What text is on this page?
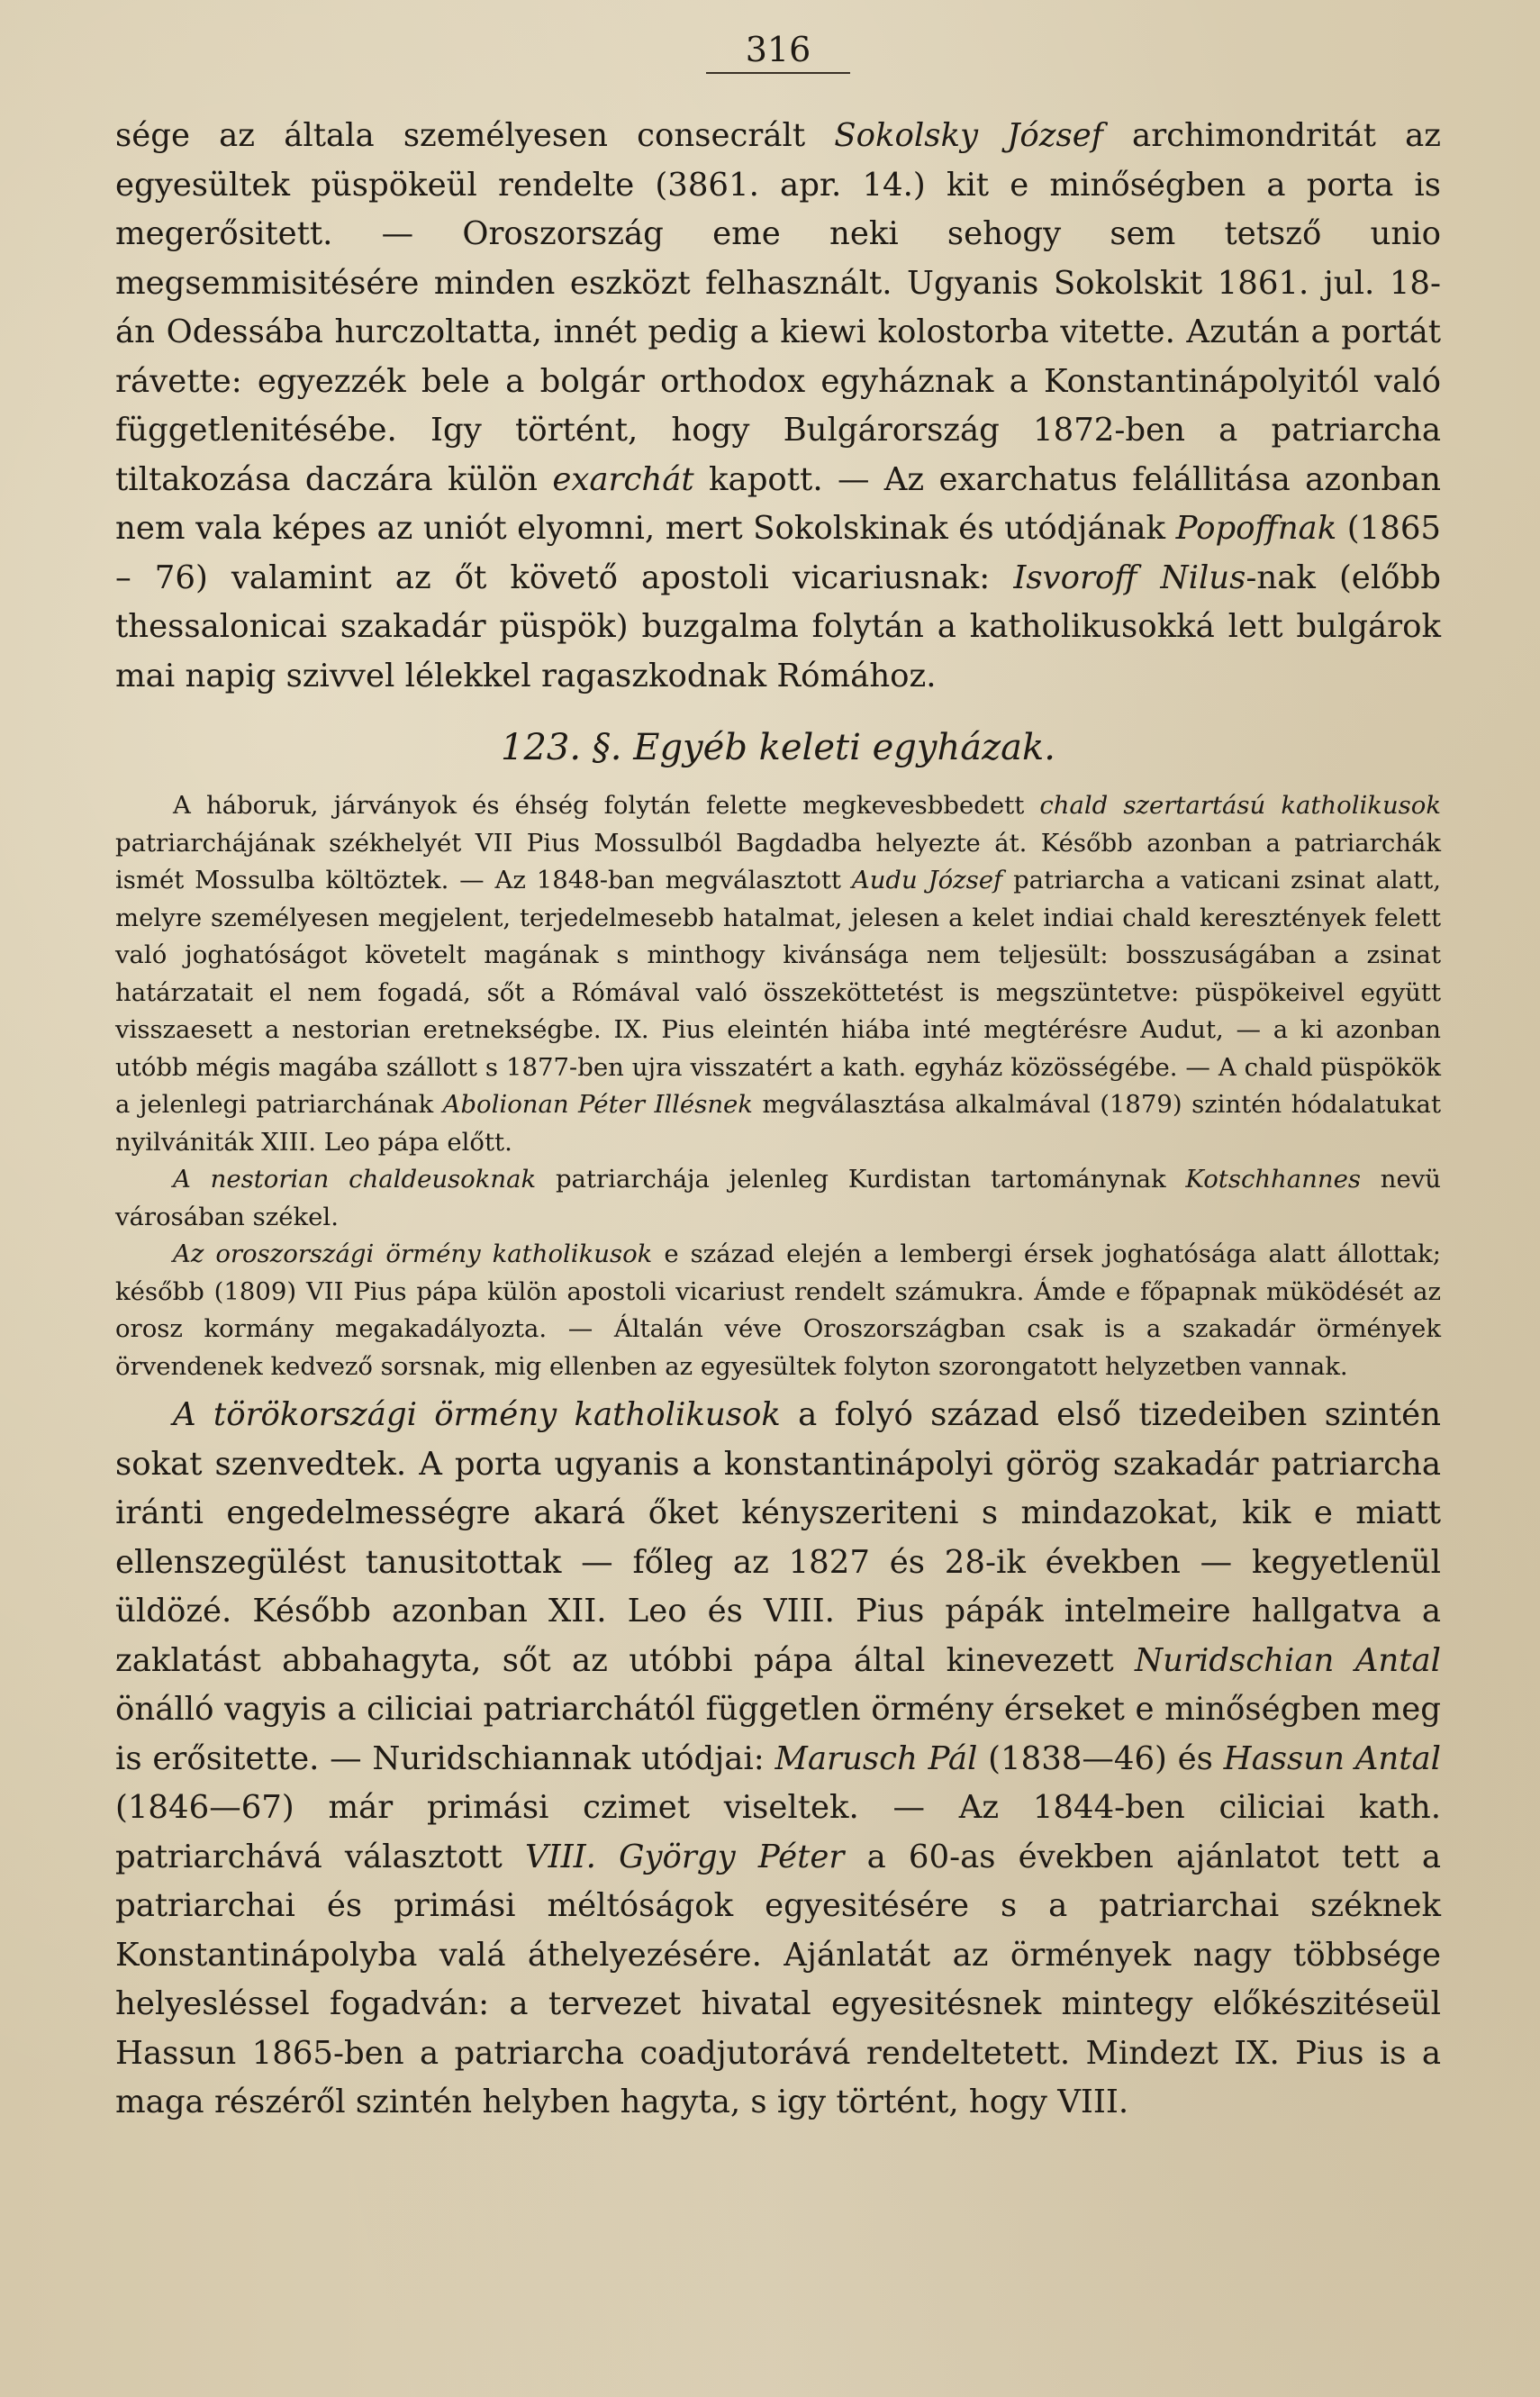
316

sége az általa személyesen consecrált Sokolsky József archimondritát az egyesültek püspökeül rendelte (3861. apr. 14.) kit e minőségben a porta is megerősitett. — Oroszország eme neki sehogy sem tetsző unio megsemmisitésére minden eszközt felhasznált. Ugyanis Sokolskit 1861. jul. 18-án Odessába hurczoltatta, innét pedig a kiewi kolostorba vitette. Azután a portát rávette: egyezzék bele a bolgár orthodox egyháznak a Konstantinápolyitól való függetlenitésébe. Igy történt, hogy Bulgárország 1872-ben a patriarcha tiltakozása daczára külön exarchát kapott. — Az exarchatus felállitása azonban nem vala képes az uniót elyomni, mert Sokolskinak és utódjának Popoffnak (1865 – 76) valamint az őt követő apostoli vicariusnak: Isvoroff Nilus-nak (előbb thessalonicai szakadár püspök) buzgalma folytán a katholikusokká lett bulgárok mai napig szivvel lélekkel ragaszkodnak Rómához.

123. §. Egyéb keleti egyházak.

A háboruk, járványok és éhség folytán felette megkevesbbedett chald szertartású katholikusok patriarchájának székhelyét VII Pius Mossulból Bagdadba helyezte át. Később azonban a patriarchák ismét Mossulba költöztek. — Az 1848-ban megválasztott Audu József patriarcha a vaticani zsinat alatt, melyre személyesen megjelent, terjedelmesebb hatalmat, jelesen a kelet indiai chald keresztények felett való joghatóságot követelt magának s minthogy kivánsága nem teljesült: bosszuságában a zsinat határzatait el nem fogadá, sőt a Rómával való összeköttetést is megszüntetve: püspökeivel együtt visszaesett a nestorian eretnekségbe. IX. Pius eleintén hiába inté megtérésre Audut, — a ki azonban utóbb mégis magába szállott s 1877-ben ujra visszatért a kath. egyház közösségébe. — A chald püspökök a jelenlegi patriarchának Abolionan Péter Illésnek megválasztása alkalmával (1879) szintén hódalatukat nyilvániták XIII. Leo pápa előtt.

A nestorian chaldeusoknak patriarchája jelenleg Kurdistan tartománynak Kotschhannes nevü városában székel.

Az oroszországi örmény katholikusok e század elején a lembergi érsek joghatósága alatt állottak; később (1809) VII Pius pápa külön apostoli vicariust rendelt számukra. Ámde e főpapnak müködését az orosz kormány megakadályozta. — Általán véve Oroszországban csak is a szakadár örmények örvendenek kedvező sorsnak, mig ellenben az egyesültek folyton szorongatott helyzetben vannak.

A törökországi örmény katholikusok a folyó század első tizedeiben szintén sokat szenvedtek. A porta ugyanis a konstantinápolyi görög szakadár patriarcha iránti engedelmességre akará őket kényszeriteni s mindazokat, kik e miatt ellenszegülést tanusitottak — főleg az 1827 és 28-ik években — kegyetlenül üldözé. Később azonban XII. Leo és VIII. Pius pápák intelmeire hallgatva a zaklatást abbahagyta, sőt az utóbbi pápa által kinevezett Nuridschian Antal önálló vagyis a ciliciai patriarchától független örmény érseket e minőségben meg is erősitette. — Nuridschiannak utódjai: Marusch Pál (1838—46) és Hassun Antal (1846—67) már primási czimet viseltek. — Az 1844-ben ciliciai kath. patriarchává választott VIII. György Péter a 60-as években ajánlatot tett a patriarchai és primási méltóságok egyesitésére s a patriarchai széknek Konstantinápolyba valá áthelyezésére. Ajánlatát az örmények nagy többsége helyesléssel fogadván: a tervezet hivatal egyesitésnek mintegy előkészitéseül Hassun 1865-ben a patriarcha coadjutorává rendeltetett. Mindezt IX. Pius is a maga részéről szintén helyben hagyta, s igy történt, hogy VIII.
